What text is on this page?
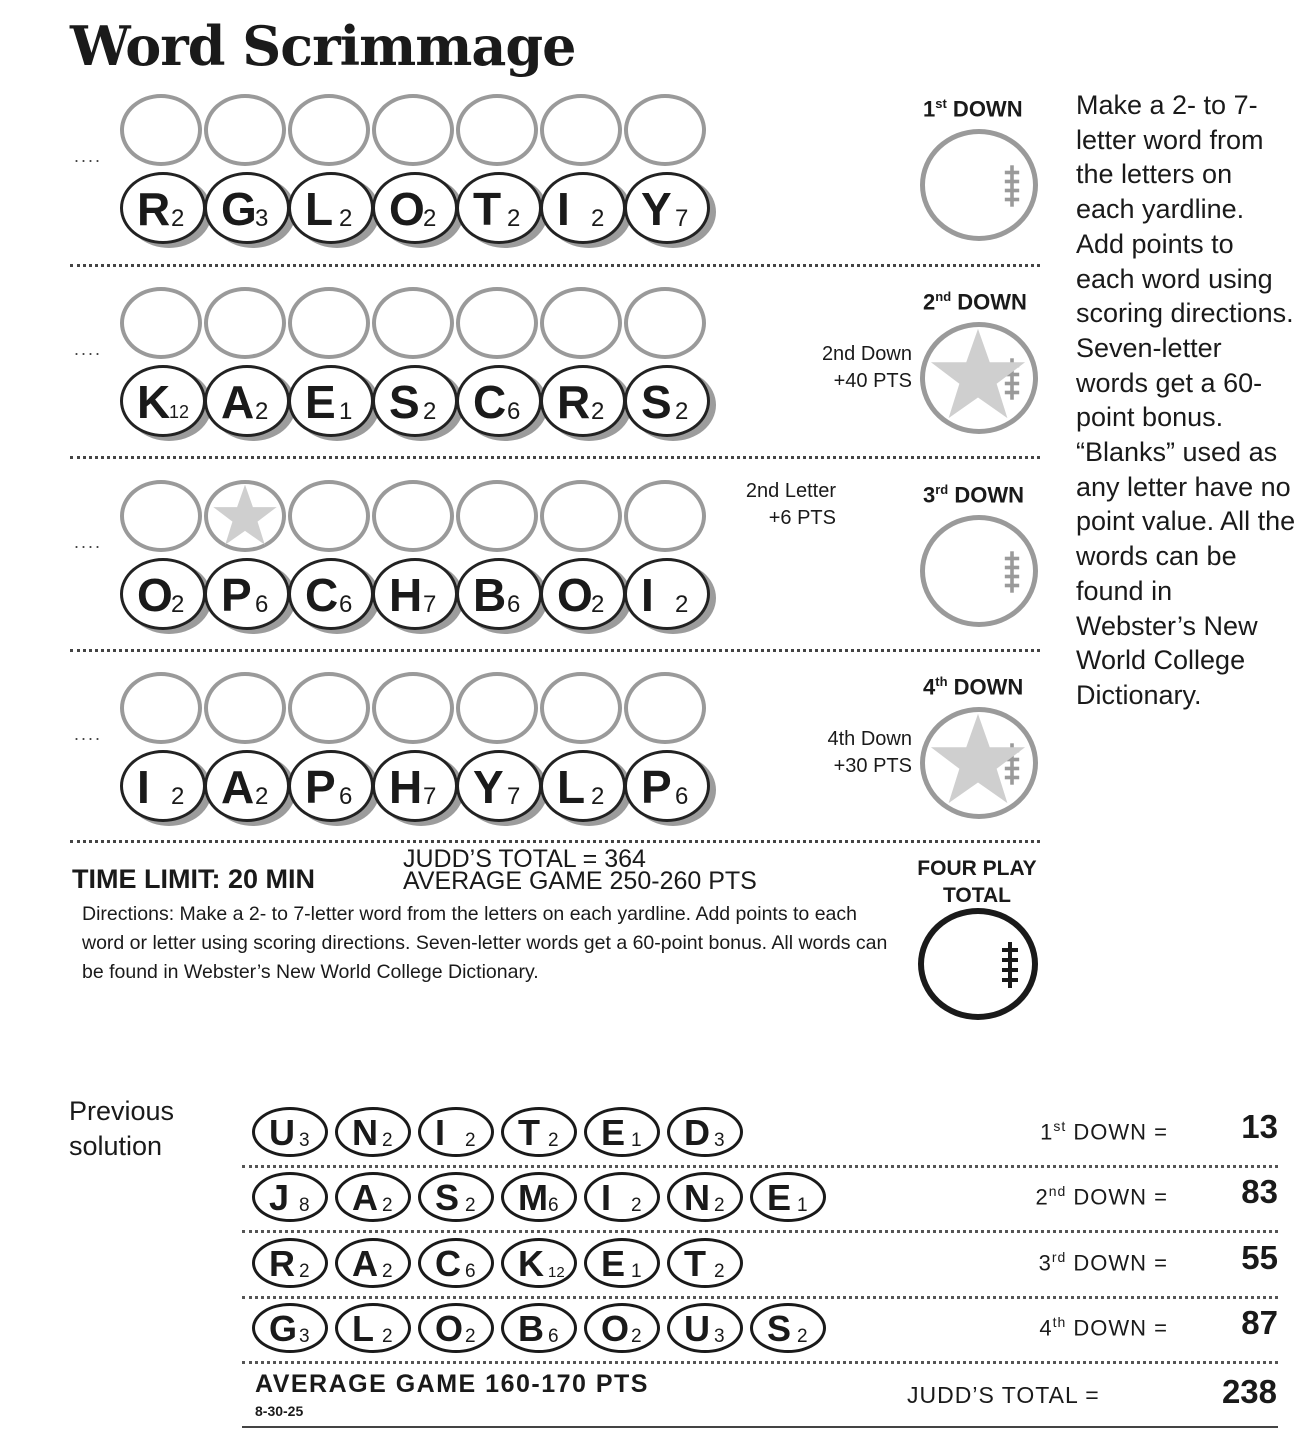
Word Scrimmage
....
R 2 G
3 L 2 O
2 T 2 I 2 Y 7
1st DOWN
....
K
12 A 2 E 1 S 2 C 6 R 2 S 2
2nd DOWN
2nd Down
+40 PTS
....
O
2 P 6 C 6 H 7 B 6 O
2 I 2
3rd DOWN
2nd Letter
+6 PTS
....
I 2 A 2 P 6 H 7 Y 7 L 2 P 6
4th DOWN
4th Down
+30 PTS
Make a 2- to 7-letter word from the letters on each yardline. Add points to each word using scoring directions. Seven-letter words get a 60-point bonus. “Blanks” used as any letter have no point value. All the words can be found in Webster’s New World College Dictionary.
TIME LIMIT: 20 MIN
JUDD’S TOTAL = 364
AVERAGE GAME 250-260 PTS
Directions: Make a 2- to 7-letter word from the letters on each yardline. Add points to each word or letter using scoring directions. Seven-letter words get a 60-point bonus. All words can be found in Webster’s New World College Dictionary.
FOUR PLAY
TOTAL
Previous
solution	U 3 N 2 I 2 T 2 E 1 D 3	1st DOWN = 13
J 8 A 2 S 2 M 6 I 2 N 2 E 1	2nd DOWN = 83
R 2 A 2 C 6 K 12 E 1 T 2	3rd DOWN = 55
G 3 L 2 O 2 B 6 O 2 U 3 S 2	4th DOWN = 87
AVERAGE GAME 160-170 PTS
8-30-25
JUDD’S TOTAL =	238
